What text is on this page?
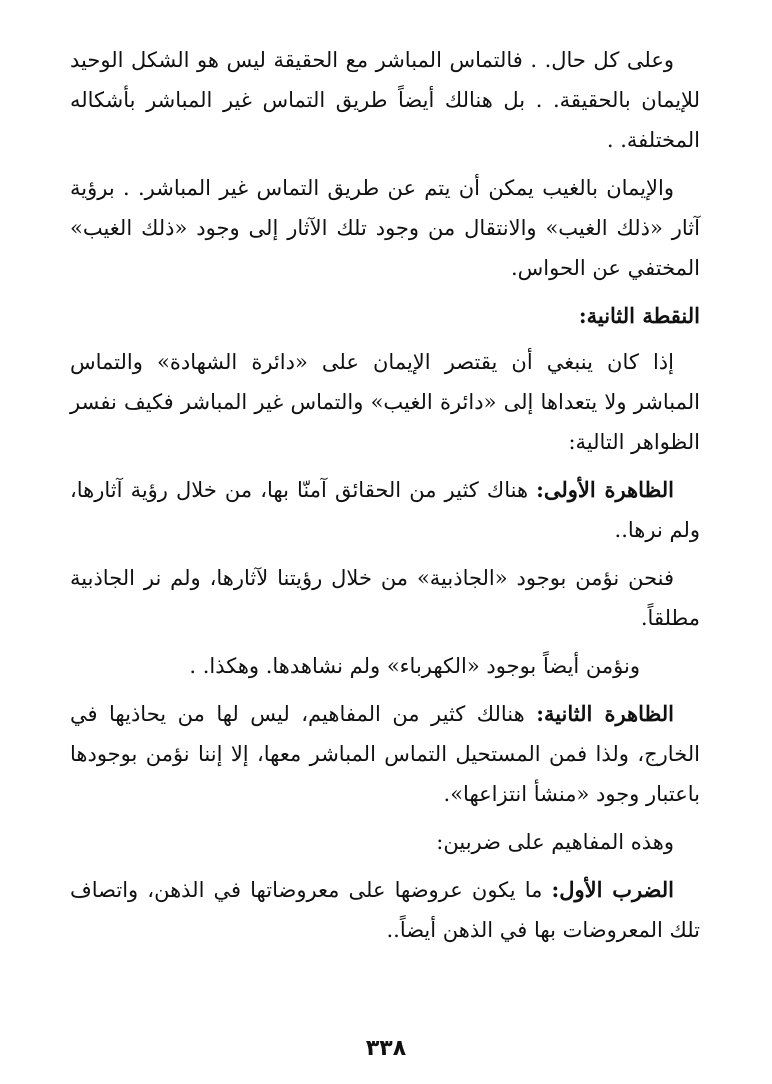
وعلى كل حال. . فالتماس المباشر مع الحقيقة ليس هو الشكل الوحيد للإيمان بالحقيقة. . بل هنالك أيضاً طريق التماس غير المباشر بأشكاله المختلفة. .

والإيمان بالغيب يمكن أن يتم عن طريق التماس غير المباشر. . برؤية آثار «ذلك الغيب» والانتقال من وجود تلك الآثار إلى وجود «ذلك الغيب» المختفي عن الحواس.

النقطة الثانية:

إذا كان ينبغي أن يقتصر الإيمان على «دائرة الشهادة» والتماس المباشر ولا يتعداها إلى «دائرة الغيب» والتماس غير المباشر فكيف نفسر الظواهر التالية:

الظاهرة الأولى: هناك كثير من الحقائق آمنّا بها، من خلال رؤية آثارها، ولم نرها..

فنحن نؤمن بوجود «الجاذبية» من خلال رؤيتنا لآثارها، ولم نر الجاذبية مطلقاً.

ونؤمن أيضاً بوجود «الكهرباء» ولم نشاهدها. وهكذا. .

الظاهرة الثانية: هنالك كثير من المفاهيم، ليس لها من يحاذيها في الخارج، ولذا فمن المستحيل التماس المباشر معها، إلا إننا نؤمن بوجودها باعتبار وجود «منشأ انتزاعها».

وهذه المفاهيم على ضربين:

الضرب الأول: ما يكون عروضها على معروضاتها في الذهن، واتصاف تلك المعروضات بها في الذهن أيضاً..

٣٣٨
